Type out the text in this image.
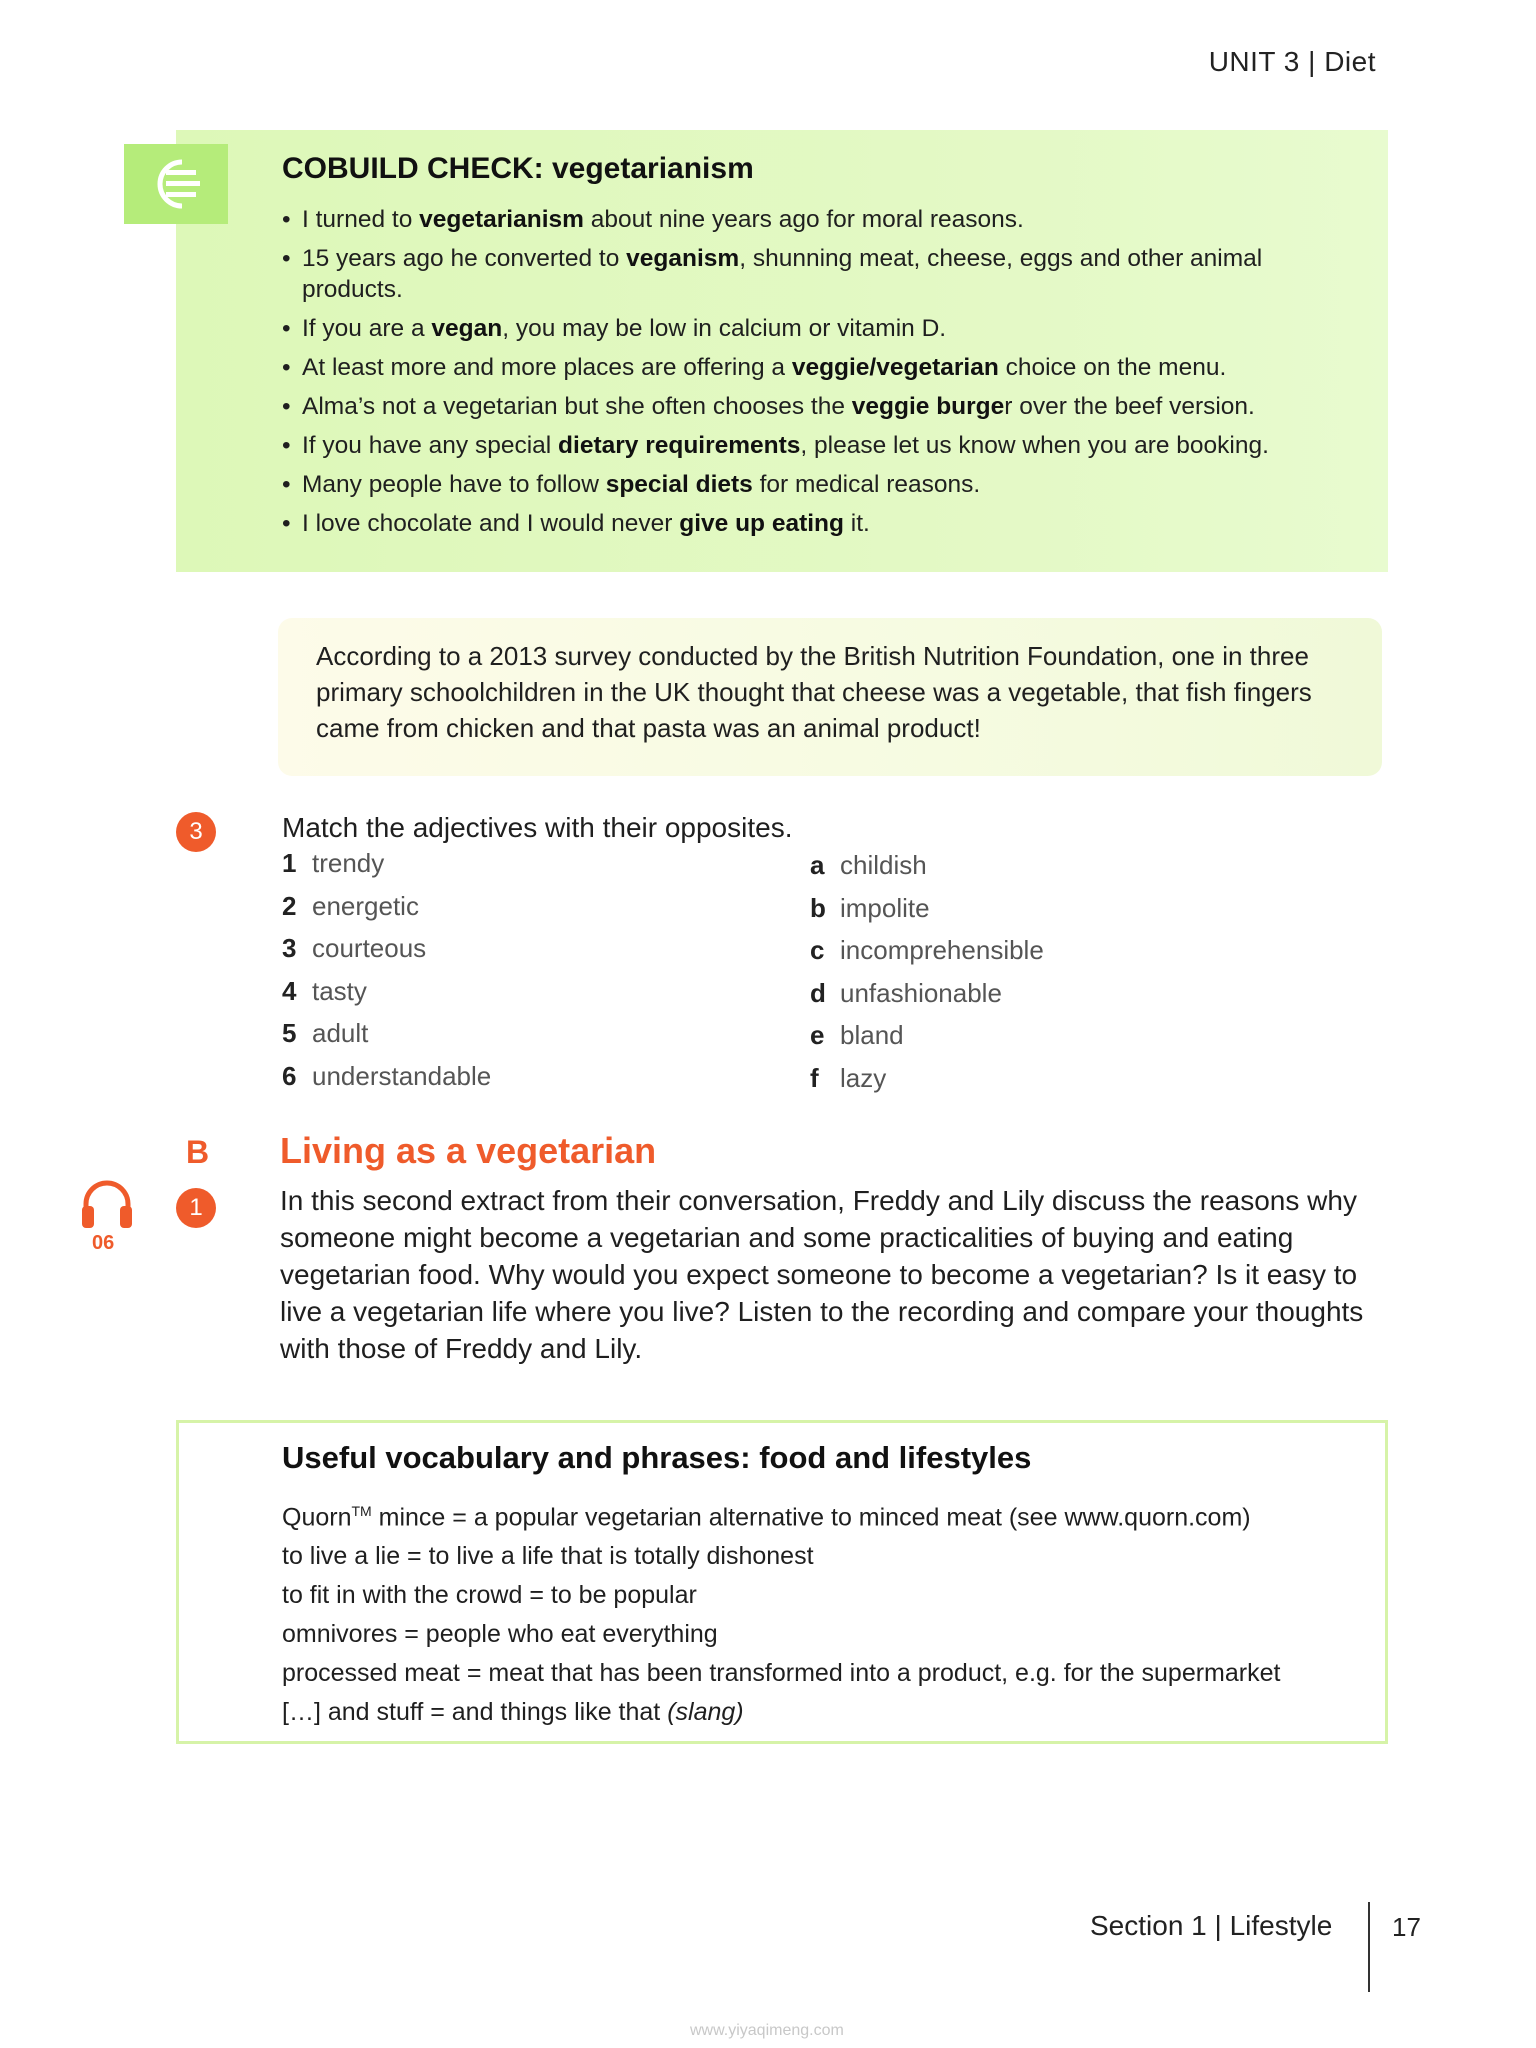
UNIT 3 | Diet
COBUILD CHECK: vegetarianism
• I turned to vegetarianism about nine years ago for moral reasons.
• 15 years ago he converted to veganism, shunning meat, cheese, eggs and other animal products.
• If you are a vegan, you may be low in calcium or vitamin D.
• At least more and more places are offering a veggie/vegetarian choice on the menu.
• Alma’s not a vegetarian but she often chooses the veggie burger over the beef version.
• If you have any special dietary requirements, please let us know when you are booking.
• Many people have to follow special diets for medical reasons.
• I love chocolate and I would never give up eating it.
According to a 2013 survey conducted by the British Nutrition Foundation, one in three primary schoolchildren in the UK thought that cheese was a vegetable, that fish fingers came from chicken and that pasta was an animal product!
3	Match the adjectives with their opposites.
1 trendy
2 energetic
3 courteous
4 tasty
5 adult
6 understandable
a childish
b impolite
c incomprehensible
d unfashionable
e bland
f lazy
B Living as a vegetarian
06
1	In this second extract from their conversation, Freddy and Lily discuss the reasons why someone might become a vegetarian and some practicalities of buying and eating vegetarian food. Why would you expect someone to become a vegetarian? Is it easy to live a vegetarian life where you live? Listen to the recording and compare your thoughts with those of Freddy and Lily.
Useful vocabulary and phrases: food and lifestyles
Quorn™ mince = a popular vegetarian alternative to minced meat (see www.quorn.com)
to live a lie = to live a life that is totally dishonest
to fit in with the crowd = to be popular
omnivores = people who eat everything
processed meat = meat that has been transformed into a product, e.g. for the supermarket
[…] and stuff = and things like that (slang)
Section 1 | Lifestyle 17
www.yiyaqimeng.com
